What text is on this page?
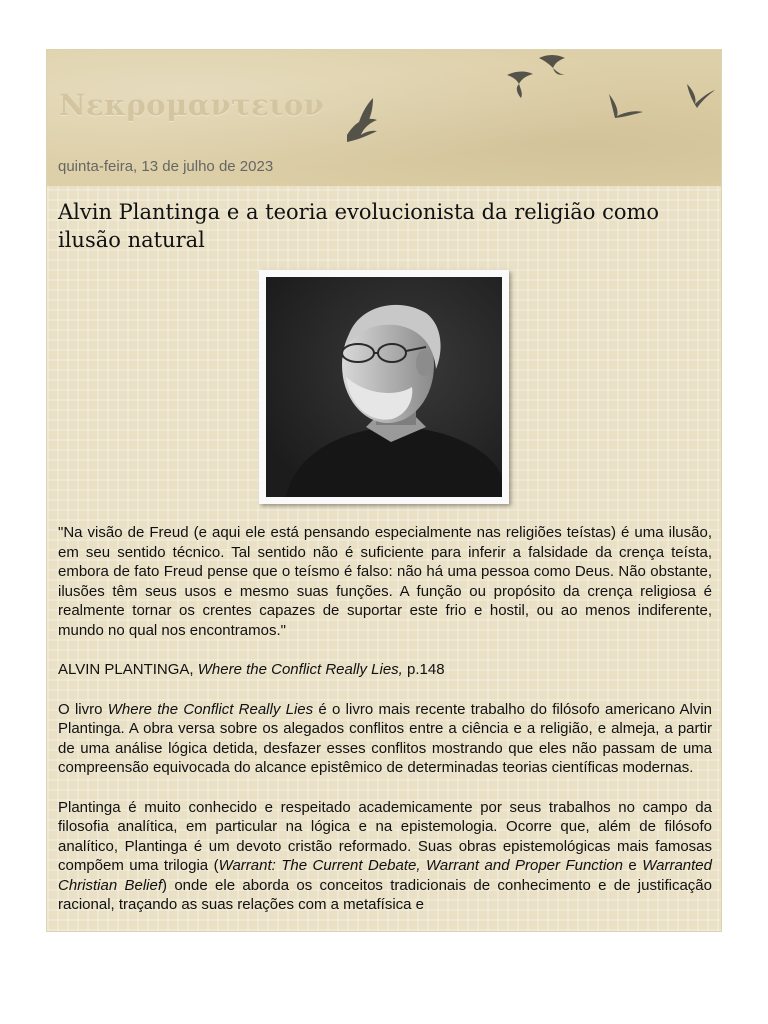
Νεκρομαντειον
quinta-feira, 13 de julho de 2023
Alvin Plantinga e a teoria evolucionista da religião como ilusão natural

"Na visão de Freud (e aqui ele está pensando especialmente nas religiões teístas) é uma ilusão, em seu sentido técnico. Tal sentido não é suficiente para inferir a falsidade da crença teísta, embora de fato Freud pense que o teísmo é falso: não há uma pessoa como Deus. Não obstante, ilusões têm seus usos e mesmo suas funções. A função ou propósito da crença religiosa é realmente tornar os crentes capazes de suportar este frio e hostil, ou ao menos indiferente, mundo no qual nos encontramos."

ALVIN PLANTINGA, Where the Conflict Really Lies, p.148

O livro Where the Conflict Really Lies é o livro mais recente trabalho do filósofo americano Alvin Plantinga. A obra versa sobre os alegados conflitos entre a ciência e a religião, e almeja, a partir de uma análise lógica detida, desfazer esses conflitos mostrando que eles não passam de uma compreensão equivocada do alcance epistêmico de determinadas teorias científicas modernas.

Plantinga é muito conhecido e respeitado academicamente por seus trabalhos no campo da filosofia analítica, em particular na lógica e na epistemologia. Ocorre que, além de filósofo analítico, Plantinga é um devoto cristão reformado. Suas obras epistemológicas mais famosas compõem uma trilogia (Warrant: The Current Debate, Warrant and Proper Function e Warranted Christian Belief) onde ele aborda os conceitos tradicionais de conhecimento e de justificação racional, traçando as suas relações com a metafísica e
